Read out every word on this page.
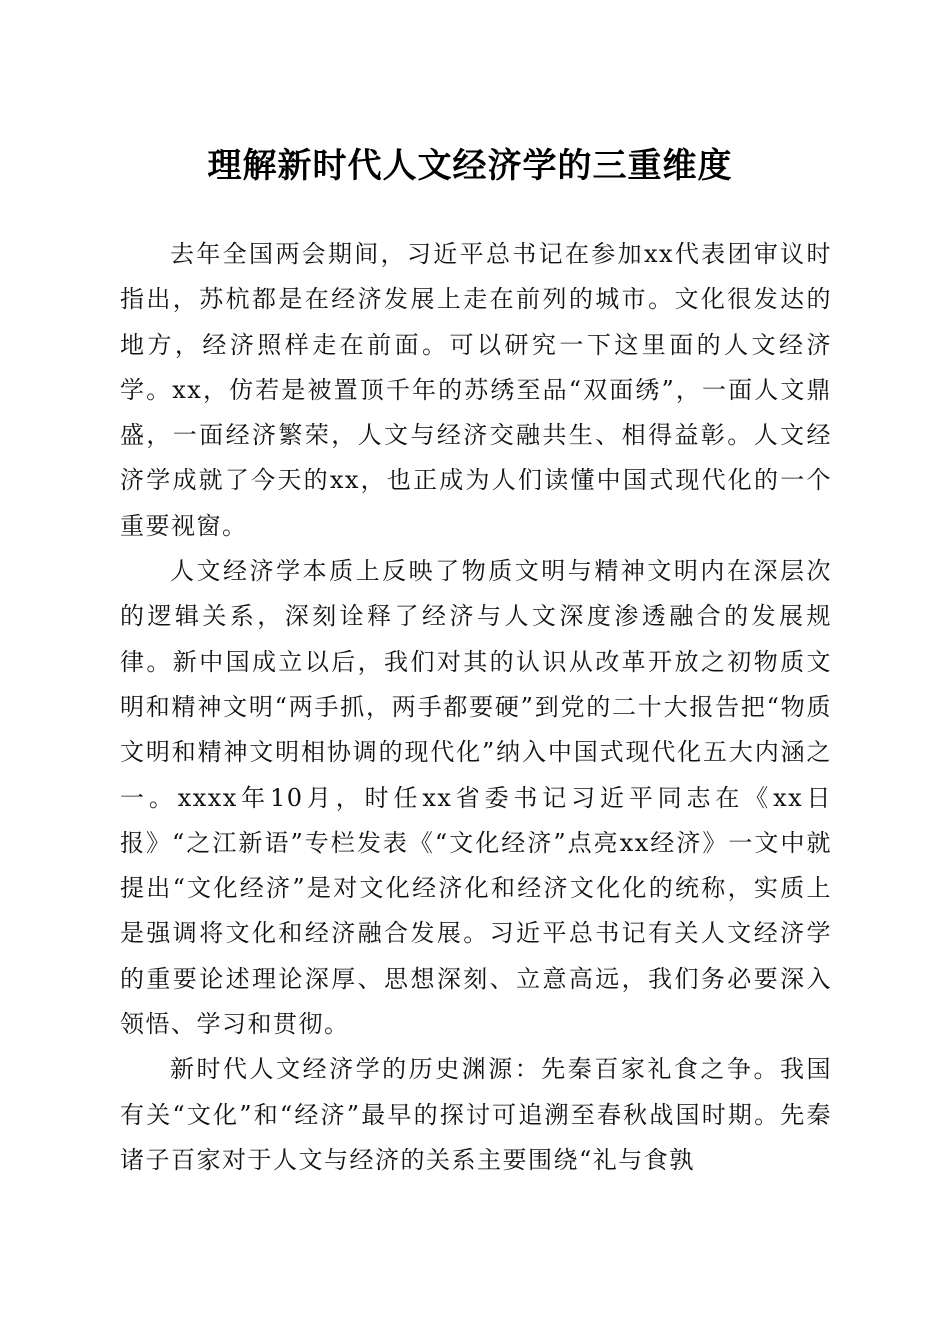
理解新时代人文经济学的三重维度

去年全国两会期间，习近平总书记在参加xx代表团审议时指出，苏杭都是在经济发展上走在前列的城市。文化很发达的地方，经济照样走在前面。可以研究一下这里面的人文经济学。xx，仿若是被置顶千年的苏绣至品“双面绣”，一面人文鼎盛，一面经济繁荣，人文与经济交融共生、相得益彰。人文经济学成就了今天的xx，也正成为人们读懂中国式现代化的一个重要视窗。

人文经济学本质上反映了物质文明与精神文明内在深层次的逻辑关系，深刻诠释了经济与人文深度渗透融合的发展规律。新中国成立以后，我们对其的认识从改革开放之初物质文明和精神文明“两手抓，两手都要硬”到党的二十大报告把“物质文明和精神文明相协调的现代化”纳入中国式现代化五大内涵之一。xxxx年10月，时任xx省委书记习近平同志在《xx日报》“之江新语”专栏发表《“文化经济”点亮xx经济》一文中就提出“文化经济”是对文化经济化和经济文化化的统称，实质上是强调将文化和经济融合发展。习近平总书记有关人文经济学的重要论述理论深厚、思想深刻、立意高远，我们务必要深入领悟、学习和贯彻。

新时代人文经济学的历史渊源：先秦百家礼食之争。我国有关“文化”和“经济”最早的探讨可追溯至春秋战国时期。先秦诸子百家对于人文与经济的关系主要围绕“礼与食孰
